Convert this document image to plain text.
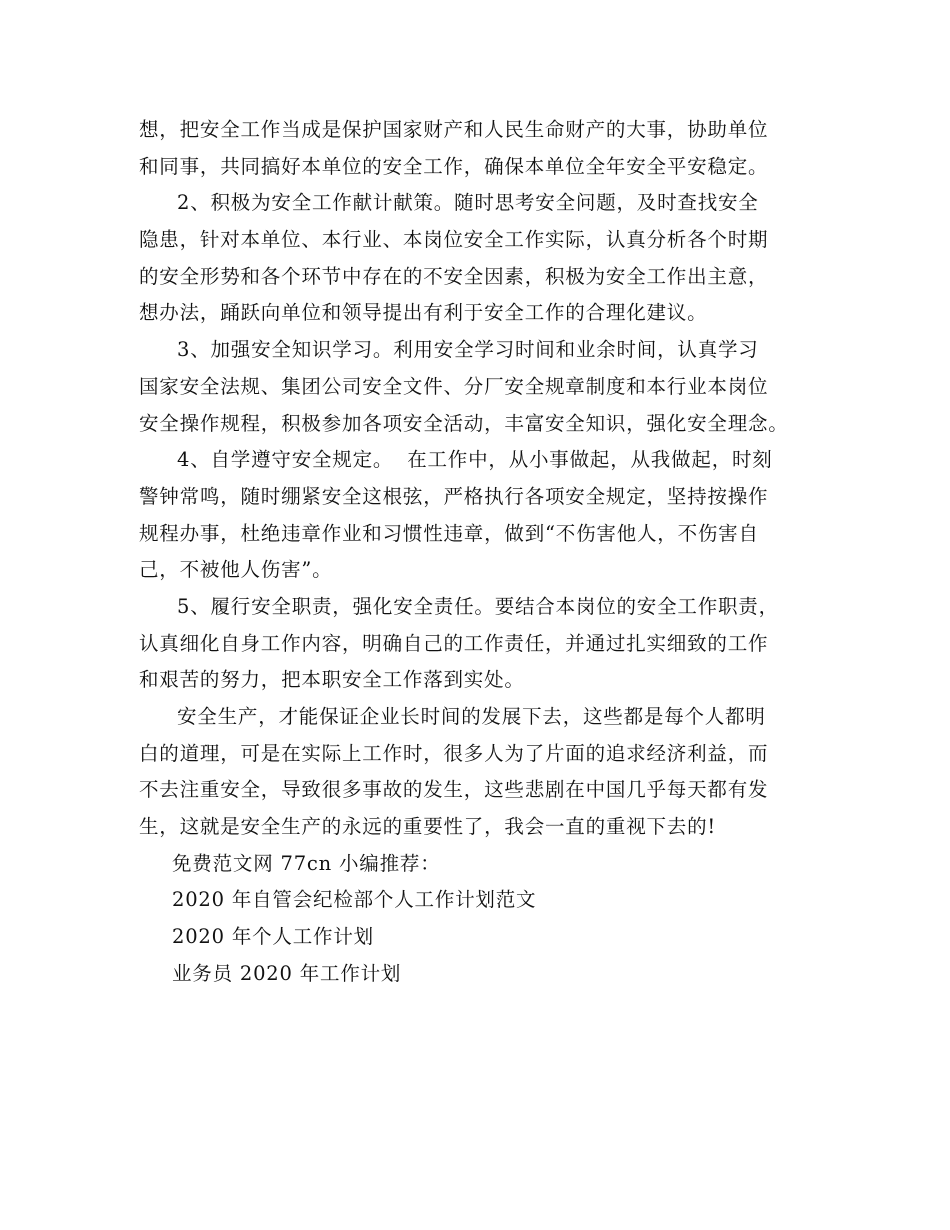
想，把安全工作当成是保护国家财产和人民生命财产的大事，协助单位
和同事，共同搞好本单位的安全工作，确保本单位全年安全平安稳定。
2、积极为安全工作献计献策。随时思考安全问题，及时查找安全
隐患，针对本单位、本行业、本岗位安全工作实际，认真分析各个时期
的安全形势和各个环节中存在的不安全因素，积极为安全工作出主意，
想办法，踊跃向单位和领导提出有利于安全工作的合理化建议。
3、加强安全知识学习。利用安全学习时间和业余时间，认真学习
国家安全法规、集团公司安全文件、分厂安全规章制度和本行业本岗位
安全操作规程，积极参加各项安全活动，丰富安全知识，强化安全理念。
4、自学遵守安全规定。  在工作中，从小事做起，从我做起，时刻
警钟常鸣，随时绷紧安全这根弦，严格执行各项安全规定，坚持按操作
规程办事，杜绝违章作业和习惯性违章，做到“不伤害他人，不伤害自
己，不被他人伤害”。
5、履行安全职责，强化安全责任。要结合本岗位的安全工作职责，
认真细化自身工作内容，明确自己的工作责任，并通过扎实细致的工作
和艰苦的努力，把本职安全工作落到实处。
安全生产，才能保证企业长时间的发展下去，这些都是每个人都明
白的道理，可是在实际上工作时，很多人为了片面的追求经济利益，而
不去注重安全，导致很多事故的发生，这些悲剧在中国几乎每天都有发
生，这就是安全生产的永远的重要性了，我会一直的重视下去的!
免费范文网 77cn 小编推荐：
2020 年自管会纪检部个人工作计划范文
2020 年个人工作计划
业务员 2020 年工作计划
